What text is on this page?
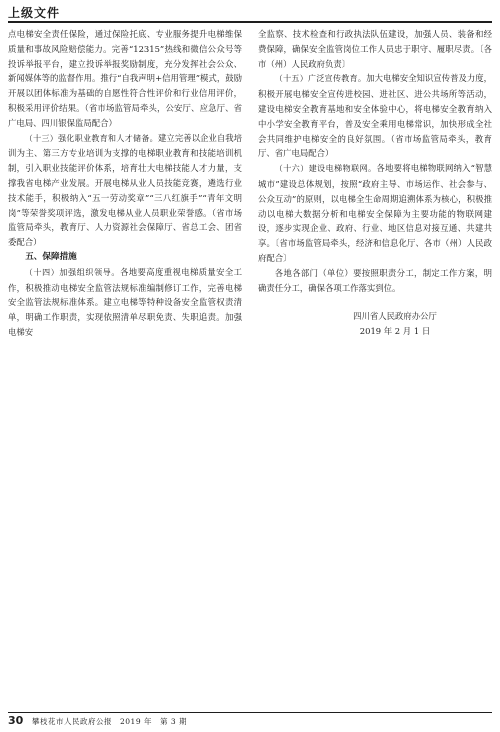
上级文件

点电梯安全责任保险，通过保险托底、专业服务提升电梯维保质量和事故风险赔偿能力。完善“12315”热线和微信公众号等投诉举报平台，建立投诉举报奖励制度，充分发挥社会公众、新闻媒体等的监督作用。推行“自我声明+信用管理”模式，鼓励开展以团体标准为基础的自愿性符合性评价和行业信用评价，积极采用评价结果。（省市场监管局牵头，公安厅、应急厅、省广电局、四川银保监局配合）

（十三）强化职业教育和人才储备。建立完善以企业自我培训为主、第三方专业培训为支撑的电梯职业教育和技能培训机制，引入职业技能评价体系，培育壮大电梯技能人才力量，支撑我省电梯产业发展。开展电梯从业人员技能竞赛，遴选行业技术能手，积极纳入“五一劳动奖章”“三八红旗手”“青年文明岗”等荣誉奖项评选，激发电梯从业人员职业荣誉感。（省市场监管局牵头，教育厅、人力资源社会保障厅、省总工会、团省委配合）

五、保障措施

（十四）加强组织领导。各地要高度重视电梯质量安全工作，积极推动电梯安全监管法规标准编制修订工作，完善电梯安全监管法规标准体系。建立电梯等特种设备安全监管权责清单，明确工作职责，实现依照清单尽职免责、失职追责。加强电梯安

全监察、技术检查和行政执法队伍建设，加强人员、装备和经费保障，确保安全监管岗位工作人员忠于职守、履职尽责。〔各市（州）人民政府负责〕

（十五）广泛宣传教育。加大电梯安全知识宣传普及力度，积极开展电梯安全宣传进校园、进社区、进公共场所等活动，建设电梯安全教育基地和安全体验中心，将电梯安全教育纳入中小学安全教育平台，普及安全乘用电梯常识，加快形成全社会共同维护电梯安全的良好氛围。（省市场监管局牵头，教育厅、省广电局配合）

（十六）建设电梯物联网。各地要将电梯物联网纳入“智慧城市”建设总体规划，按照“政府主导、市场运作、社会参与、公众互动”的原则，以电梯全生命周期追溯体系为核心，积极推动以电梯大数据分析和电梯安全保障为主要功能的物联网建设，逐步实现企业、政府、行业、地区信息对接互通、共建共享。〔省市场监管局牵头，经济和信息化厅、各市（州）人民政府配合〕

各地各部门（单位）要按照职责分工，制定工作方案，明确责任分工，确保各项工作落实到位。

四川省人民政府办公厅
2019 年 2 月 1 日
30 攀枝花市人民政府公报　2019 年　第 3 期
